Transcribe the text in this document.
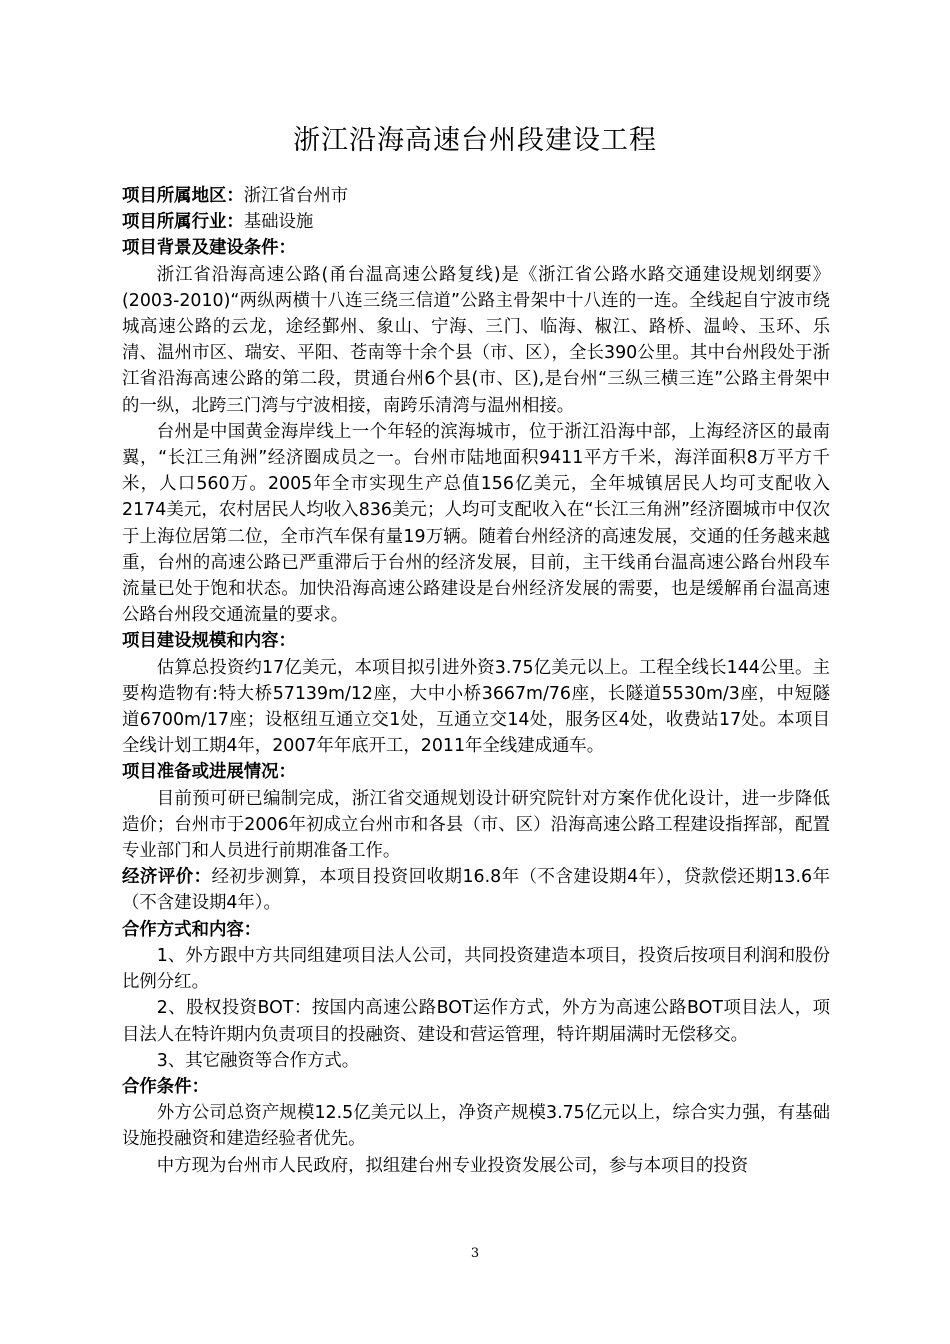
浙江沿海高速台州段建设工程

项目所属地区：浙江省台州市

项目所属行业：基础设施

项目背景及建设条件：

浙江省沿海高速公路(甬台温高速公路复线)是《浙江省公路水路交通建设规划纲要》(2003-2010)“两纵两横十八连三绕三信道”公路主骨架中十八连的一连。全线起自宁波市绕城高速公路的云龙，途经鄞州、象山、宁海、三门、临海、椒江、路桥、温岭、玉环、乐清、温州市区、瑞安、平阳、苍南等十余个县（市、区），全长390公里。其中台州段处于浙江省沿海高速公路的第二段，贯通台州6个县(市、区),是台州“三纵三横三连”公路主骨架中的一纵，北跨三门湾与宁波相接，南跨乐清湾与温州相接。

台州是中国黄金海岸线上一个年轻的滨海城市，位于浙江沿海中部，上海经济区的最南翼，“长江三角洲”经济圈成员之一。台州市陆地面积9411平方千米，海洋面积8万平方千米，人口560万。2005年全市实现生产总值156亿美元，全年城镇居民人均可支配收入2174美元，农村居民人均收入836美元；人均可支配收入在“长江三角洲”经济圈城市中仅次于上海位居第二位，全市汽车保有量19万辆。随着台州经济的高速发展，交通的任务越来越重，台州的高速公路已严重滞后于台州的经济发展，目前，主干线甬台温高速公路台州段车流量已处于饱和状态。加快沿海高速公路建设是台州经济发展的需要，也是缓解甬台温高速公路台州段交通流量的要求。

项目建设规模和内容：

估算总投资约17亿美元，本项目拟引进外资3.75亿美元以上。工程全线长144公里。主要构造物有:特大桥57139m/12座，大中小桥3667m/76座，长隧道5530m/3座，中短隧道6700m/17座；设枢纽互通立交1处，互通立交14处，服务区4处，收费站17处。本项目全线计划工期4年，2007年年底开工，2011年全线建成通车。

项目准备或进展情况：

目前预可研已编制完成，浙江省交通规划设计研究院针对方案作优化设计，进一步降低造价；台州市于2006年初成立台州市和各县（市、区）沿海高速公路工程建设指挥部，配置专业部门和人员进行前期准备工作。

经济评价：经初步测算，本项目投资回收期16.8年（不含建设期4年），贷款偿还期13.6年（不含建设期4年）。

合作方式和内容：

1、外方跟中方共同组建项目法人公司，共同投资建造本项目，投资后按项目利润和股份比例分红。

2、股权投资BOT：按国内高速公路BOT运作方式，外方为高速公路BOT项目法人，项目法人在特许期内负责项目的投融资、建设和营运管理，特许期届满时无偿移交。

3、其它融资等合作方式。

合作条件：

外方公司总资产规模12.5亿美元以上，净资产规模3.75亿元以上，综合实力强，有基础设施投融资和建造经验者优先。

中方现为台州市人民政府，拟组建台州专业投资发展公司，参与本项目的投资

3
